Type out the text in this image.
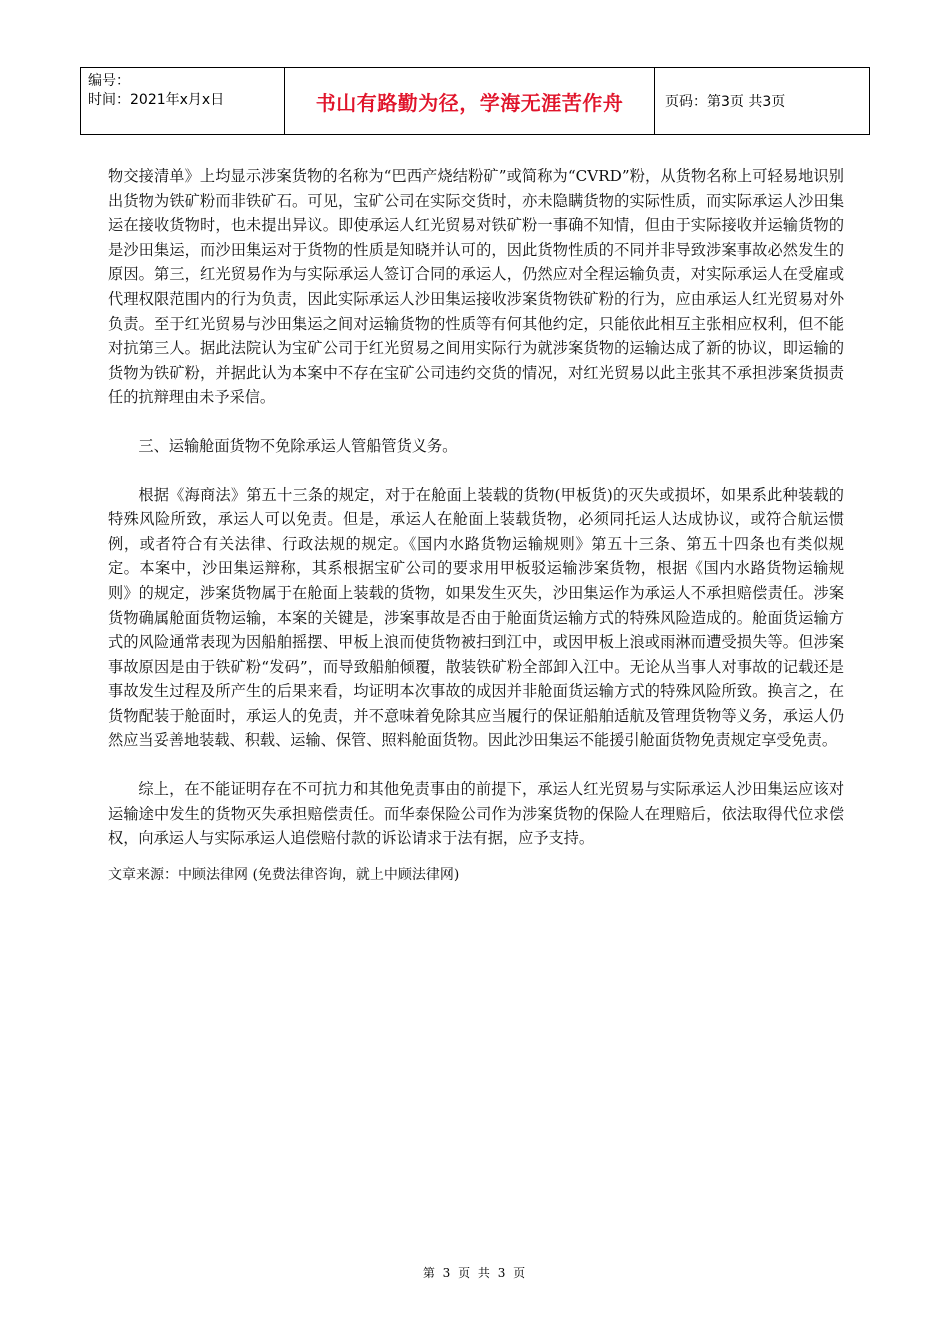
编号：
时间：2021年x月x日	书山有路勤为径，学海无涯苦作舟	页码：第3页 共3页

物交接清单》上均显示涉案货物的名称为“巴西产烧结粉矿”或简称为“CVRD”粉，从货物名称上可轻易地识别出货物为铁矿粉而非铁矿石。可见，宝矿公司在实际交货时，亦未隐瞒货物的实际性质，而实际承运人沙田集运在接收货物时，也未提出异议。即使承运人红光贸易对铁矿粉一事确不知情，但由于实际接收并运输货物的是沙田集运，而沙田集运对于货物的性质是知晓并认可的，因此货物性质的不同并非导致涉案事故必然发生的原因。第三，红光贸易作为与实际承运人签订合同的承运人，仍然应对全程运输负责，对实际承运人在受雇或代理权限范围内的行为负责，因此实际承运人沙田集运接收涉案货物铁矿粉的行为，应由承运人红光贸易对外负责。至于红光贸易与沙田集运之间对运输货物的性质等有何其他约定，只能依此相互主张相应权利，但不能对抗第三人。据此法院认为宝矿公司于红光贸易之间用实际行为就涉案货物的运输达成了新的协议，即运输的货物为铁矿粉，并据此认为本案中不存在宝矿公司违约交货的情况，对红光贸易以此主张其不承担涉案货损责任的抗辩理由未予采信。

三、运输舱面货物不免除承运人管船管货义务。

根据《海商法》第五十三条的规定，对于在舱面上装载的货物(甲板货)的灭失或损坏，如果系此种装载的特殊风险所致，承运人可以免责。但是，承运人在舱面上装载货物，必须同托运人达成协议，或符合航运惯例，或者符合有关法律、行政法规的规定。《国内水路货物运输规则》第五十三条、第五十四条也有类似规定。本案中，沙田集运辩称，其系根据宝矿公司的要求用甲板驳运输涉案货物，根据《国内水路货物运输规则》的规定，涉案货物属于在舱面上装载的货物，如果发生灭失，沙田集运作为承运人不承担赔偿责任。涉案货物确属舱面货物运输，本案的关键是，涉案事故是否由于舱面货运输方式的特殊风险造成的。舱面货运输方式的风险通常表现为因船舶摇摆、甲板上浪而使货物被扫到江中，或因甲板上浪或雨淋而遭受损失等。但涉案事故原因是由于铁矿粉“发码”，而导致船舶倾覆，散装铁矿粉全部卸入江中。无论从当事人对事故的记载还是事故发生过程及所产生的后果来看，均证明本次事故的成因并非舱面货运输方式的特殊风险所致。换言之，在货物配装于舱面时，承运人的免责，并不意味着免除其应当履行的保证船舶适航及管理货物等义务，承运人仍然应当妥善地装载、积载、运输、保管、照料舱面货物。因此沙田集运不能援引舱面货物免责规定享受免责。

综上，在不能证明存在不可抗力和其他免责事由的前提下，承运人红光贸易与实际承运人沙田集运应该对运输途中发生的货物灭失承担赔偿责任。而华泰保险公司作为涉案货物的保险人在理赔后，依法取得代位求偿权，向承运人与实际承运人追偿赔付款的诉讼请求于法有据，应予支持。

文章来源：中顾法律网 (免费法律咨询，就上中顾法律网)
第 3 页 共 3 页
